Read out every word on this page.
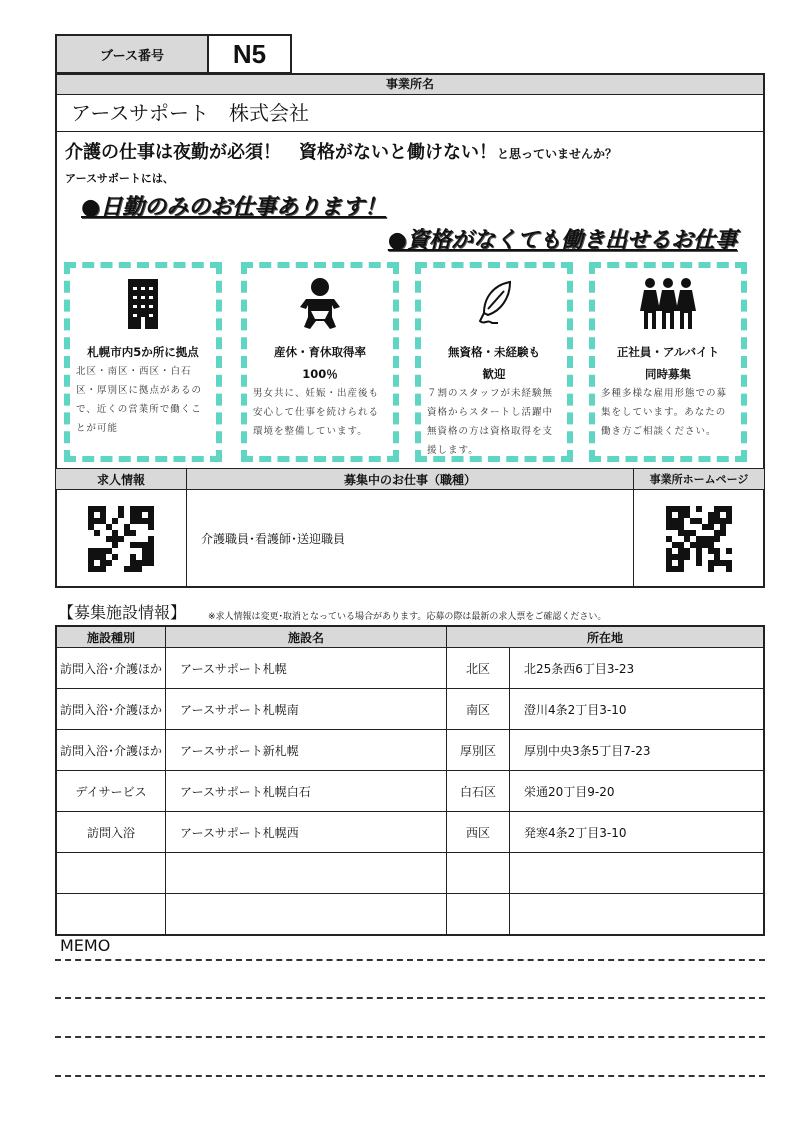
ブース番号	N5
事業所名
アースサポート　株式会社
介護の仕事は夜勤が必須！　資格がないと働けない！と思っていませんか？
アースサポートには、
●日勤のみのお仕事あります！
●資格がなくても働き出せるお仕事
札幌市内5か所に拠点
北区・南区・西区・白石区・厚別区に拠点があるので、近くの営業所で働くことが可能
産休・育休取得率
100％
男女共に、妊娠・出産後も安心して仕事を続けられる環境を整備しています。
無資格・未経験も
歓迎
７割のスタッフが未経験無資格からスタートし活躍中無資格の方は資格取得を支援します。
正社員・アルバイト
同時募集
多種多様な雇用形態での募集をしています。あなたの働き方ご相談ください。
求人情報	募集中のお仕事（職種）	事業所ホームページ

	介護職員･看護師･送迎職員	
【募集施設情報】 ※求人情報は変更･取消となっている場合があります。応募の際は最新の求人票をご確認ください。
施設種別	施設名	所在地	
訪問入浴･介護ほか	アースサポート札幌	北区	北25条西6丁目3-23
訪問入浴･介護ほか	アースサポート札幌南	南区	澄川4条2丁目3-10
訪問入浴･介護ほか	アースサポート新札幌	厚別区	厚別中央3条5丁目7-23
デイサービス	アースサポート札幌白石	白石区	栄通20丁目9-20
訪問入浴	アースサポート札幌西	西区	発寒4条2丁目3-10

MEMO
